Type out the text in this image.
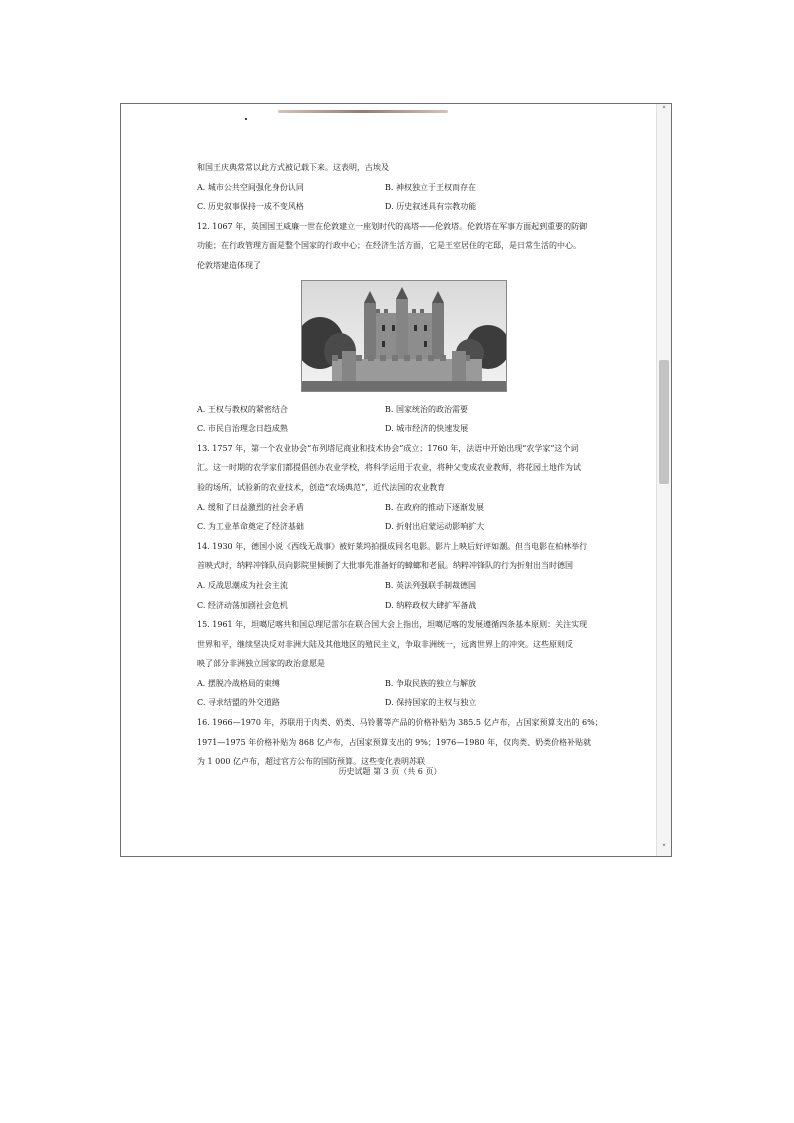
和国王庆典常常以此方式被记载下来。这表明，古埃及
A. 城市公共空间强化身份认同	B. 神权独立于王权而存在
C. 历史叙事保持一成不变风格	D. 历史叙述具有宗教功能
12. 1067 年，英国国王威廉一世在伦敦建立一座划时代的高塔——伦敦塔。伦敦塔在军事方面起到重要的防御
功能；在行政管理方面是整个国家的行政中心；在经济生活方面，它是王室居住的宅邸，是日常生活的中心。
伦敦塔建造体现了
A. 王权与教权的紧密结合	B. 国家统治的政治需要
C. 市民自治理念日趋成熟	D. 城市经济的快速发展
13. 1757 年，第一个农业协会“布列塔尼商业和技术协会”成立；1760 年，法语中开始出现“农学家”这个词
汇。这一时期的农学家们都提倡创办农业学校，将科学运用于农业，将种父变成农业教师，将花园土地作为试
验的场所，试验新的农业技术，创造“农场典范”，近代法国的农业教育
A. 缓和了日益激烈的社会矛盾	B. 在政府的推动下逐渐发展
C. 为工业革命奠定了经济基础	D. 折射出启蒙运动影响扩大
14. 1930 年，德国小说《西线无战事》被好莱坞拍摄成同名电影。影片上映后好评如潮。但当电影在柏林举行
首映式时，纳粹冲锋队员向影院里倾倒了大批事先准备好的蟑螂和老鼠。纳粹冲锋队的行为折射出当时德国
A. 反战思潮成为社会主流	B. 英法列强联手制裁德国
C. 经济动荡加剧社会危机	D. 纳粹政权大肆扩军备战
15. 1961 年，坦噶尼喀共和国总理尼雷尔在联合国大会上指出，坦噶尼喀的发展遵循四条基本原则：关注实现
世界和平，继续坚决反对非洲大陆及其他地区的殖民主义，争取非洲统一，远离世界上的冲突。这些原则反
映了部分非洲独立国家的政治意愿是
A. 摆脱冷战格局的束缚	B. 争取民族的独立与解放
C. 寻求结盟的外交道路	D. 保持国家的主权与独立
16. 1966—1970 年，苏联用于肉类、奶类、马铃薯等产品的价格补贴为 385.5 亿卢布，占国家预算支出的 6%；
1971—1975 年价格补贴为 868 亿卢布，占国家预算支出的 9%；1976—1980 年，仅肉类、奶类价格补贴就
为 1 000 亿卢布，超过官方公布的国防预算。这些变化表明苏联
历史试题 第 3 页（共 6 页）
˄
˅
